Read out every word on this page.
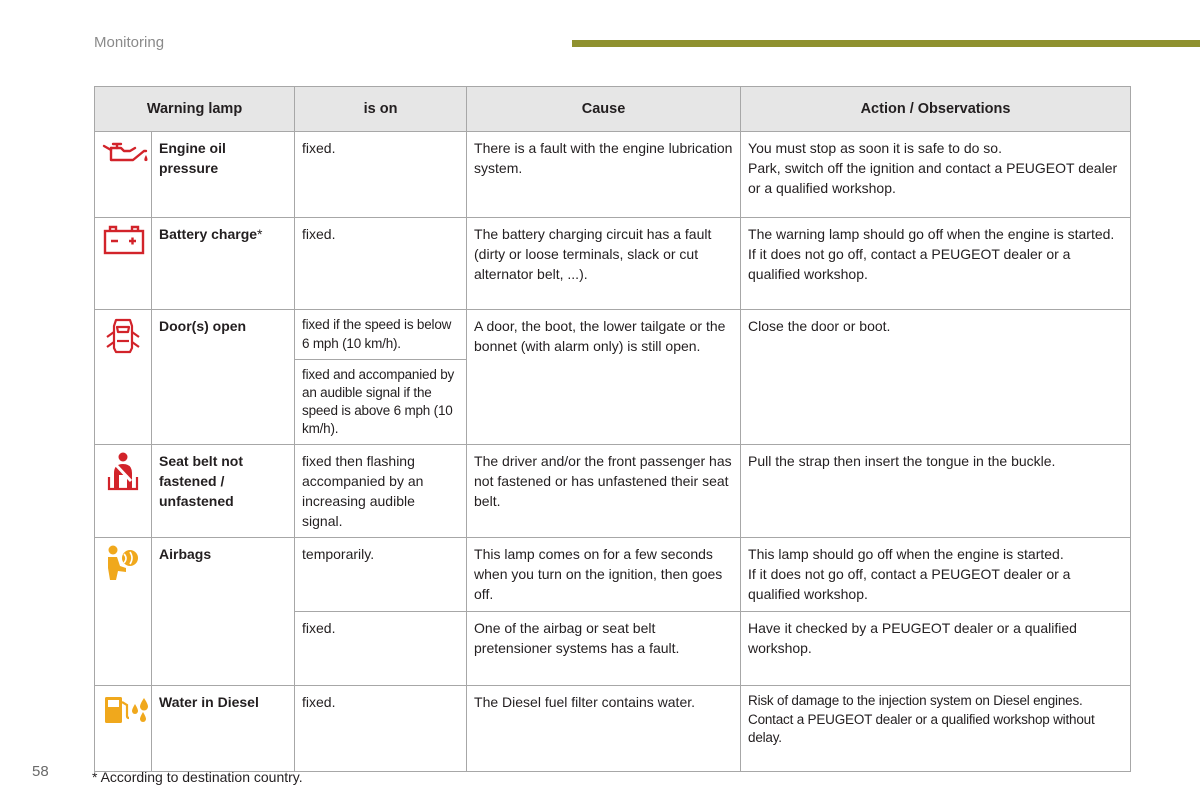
Monitoring
Warning lamp		is on	Cause	Action / Observations

	Engine oil pressure	fixed.	There is a fault with the engine lubrication system.	You must stop as soon it is safe to do so.
Park, switch off the ignition and contact a PEUGEOT dealer or a qualified workshop.

	Battery charge*	fixed.	The battery charging circuit has a fault (dirty or loose terminals, slack or cut alternator belt, ...).	The warning lamp should go off when the engine is started.
If it does not go off, contact a PEUGEOT dealer or a qualified workshop.

	Door(s) open	fixed if the speed is below 6 mph (10 km/h).	A door, the boot, the lower tailgate or the bonnet (with alarm only) is still open.	Close the door or boot.
		fixed and accompanied by an audible signal if the speed is above 6 mph (10 km/h).		

	Seat belt not fastened / unfastened	fixed then flashing accompanied by an increasing audible signal.	The driver and/or the front passenger has not fastened or has unfastened their seat belt.	Pull the strap then insert the tongue in the buckle.

	Airbags	temporarily.	This lamp comes on for a few seconds when you turn on the ignition, then goes off.	This lamp should go off when the engine is started.
If it does not go off, contact a PEUGEOT dealer or a qualified workshop.

		fixed.	One of the airbag or seat belt pretensioner systems has a fault.	Have it checked by a PEUGEOT dealer or a qualified workshop.

	Water in Diesel	fixed.	The Diesel fuel filter contains water.	Risk of damage to the injection system on Diesel engines.
Contact a PEUGEOT dealer or a qualified workshop without delay.
58	* According to destination country.
